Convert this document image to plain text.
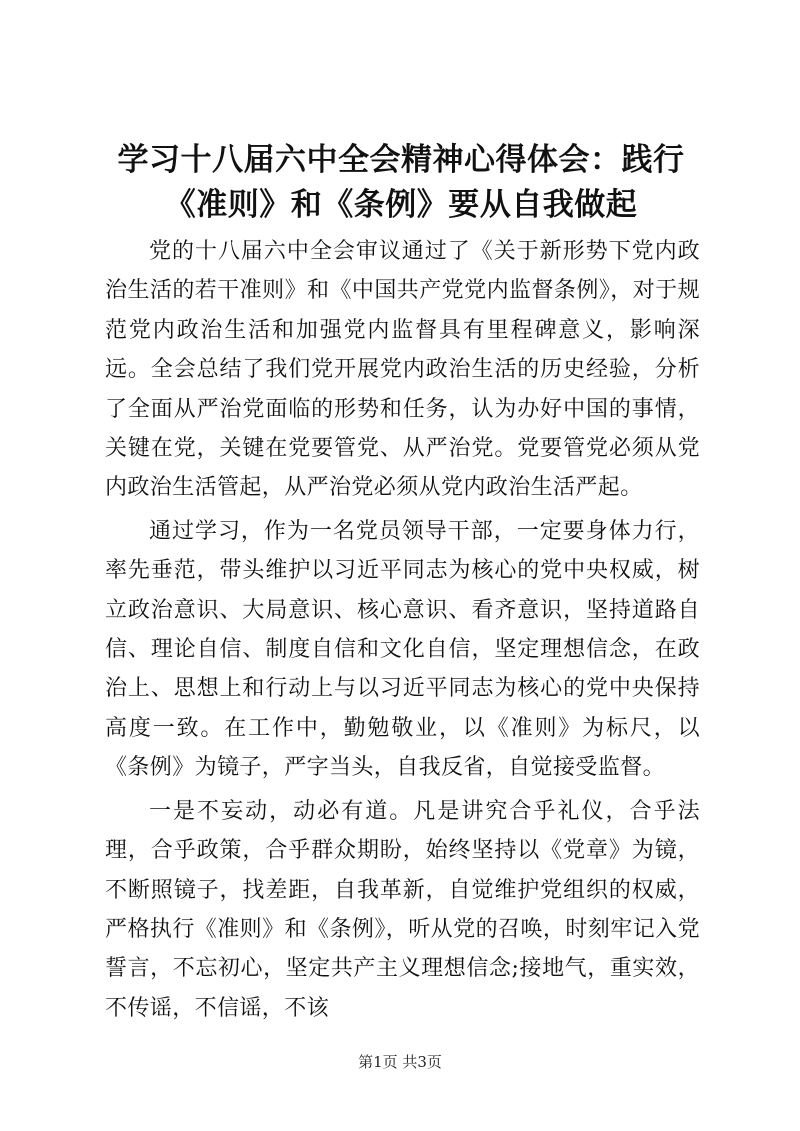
学习十八届六中全会精神心得体会：践行《准则》和《条例》要从自我做起

党的十八届六中全会审议通过了《关于新形势下党内政治生活的若干准则》和《中国共产党党内监督条例》，对于规范党内政治生活和加强党内监督具有里程碑意义，影响深远。全会总结了我们党开展党内政治生活的历史经验，分析了全面从严治党面临的形势和任务，认为办好中国的事情，关键在党，关键在党要管党、从严治党。党要管党必须从党内政治生活管起，从严治党必须从党内政治生活严起。

通过学习，作为一名党员领导干部，一定要身体力行，率先垂范，带头维护以习近平同志为核心的党中央权威，树立政治意识、大局意识、核心意识、看齐意识，坚持道路自信、理论自信、制度自信和文化自信，坚定理想信念，在政治上、思想上和行动上与以习近平同志为核心的党中央保持高度一致。在工作中，勤勉敬业，以《准则》为标尺，以《条例》为镜子，严字当头，自我反省，自觉接受监督。

一是不妄动，动必有道。凡是讲究合乎礼仪，合乎法理，合乎政策，合乎群众期盼，始终坚持以《党章》为镜，不断照镜子，找差距，自我革新，自觉维护党组织的权威，严格执行《准则》和《条例》，听从党的召唤，时刻牢记入党誓言，不忘初心，坚定共产主义理想信念;接地气，重实效，不传谣，不信谣，不该

第1页 共3页
